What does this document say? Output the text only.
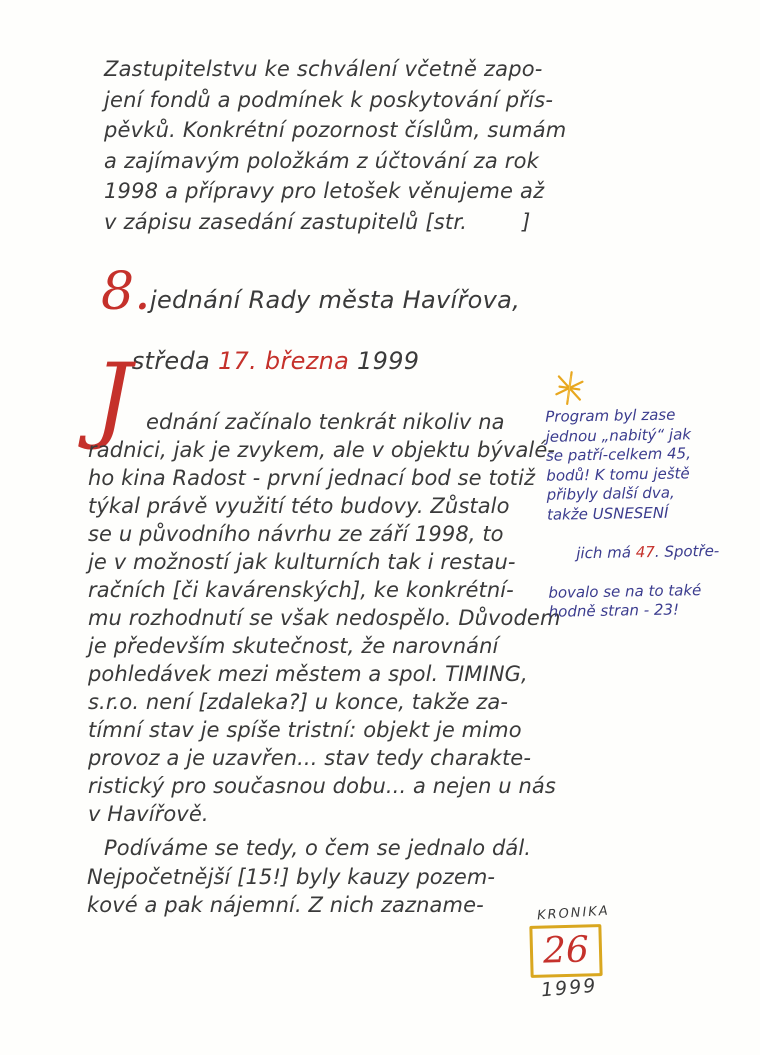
Zastupitelstvu ke schválení včetně zapo-
jení fondů a podmínek k poskytování přís-
pěvků. Konkrétní pozornost číslům, sumám
a zajímavým položkám z účtování za rok
1998 a přípravy pro letošek věnujeme až
v zápisu zasedání zastupitelů [str.        ]
8. jednání Rady města Havířova,

středa 17. března 1999

J ednání začínalo tenkrát nikoliv na
radnici, jak je zvykem, ale v objektu bývalé-
ho kina Radost - první jednací bod se totiž
týkal právě využití této budovy. Zůstalo
se u původního návrhu ze září 1998, to
je v možností jak kulturních tak i restau-
račních [či kavárenských], ke konkrétní-
mu rozhodnutí se však nedospělo. Důvodem
je především skutečnost, že narovnání
pohledávek mezi městem a spol. TIMING,
s.r.o. není [zdaleka?] u konce, takže za-
tímní stav je spíše tristní: objekt je mimo
provoz a je uzavřen... stav tedy charakte-
ristický pro současnou dobu... a nejen u nás
v Havířově.
Podíváme se tedy, o čem se jednalo dál.
Nejpočetnější [15!] byly kauzy pozem-
kové a pak nájemní. Z nich zazname-
Program byl zase
jednou „nabitý“ jak
se patří-celkem 45,
bodů! K tomu ještě
přibyly další dva,
takže USNESENÍ

jich má 47. Spotře-

bovalo se na to také
hodně stran - 23!
KRONIKA
26
1999
